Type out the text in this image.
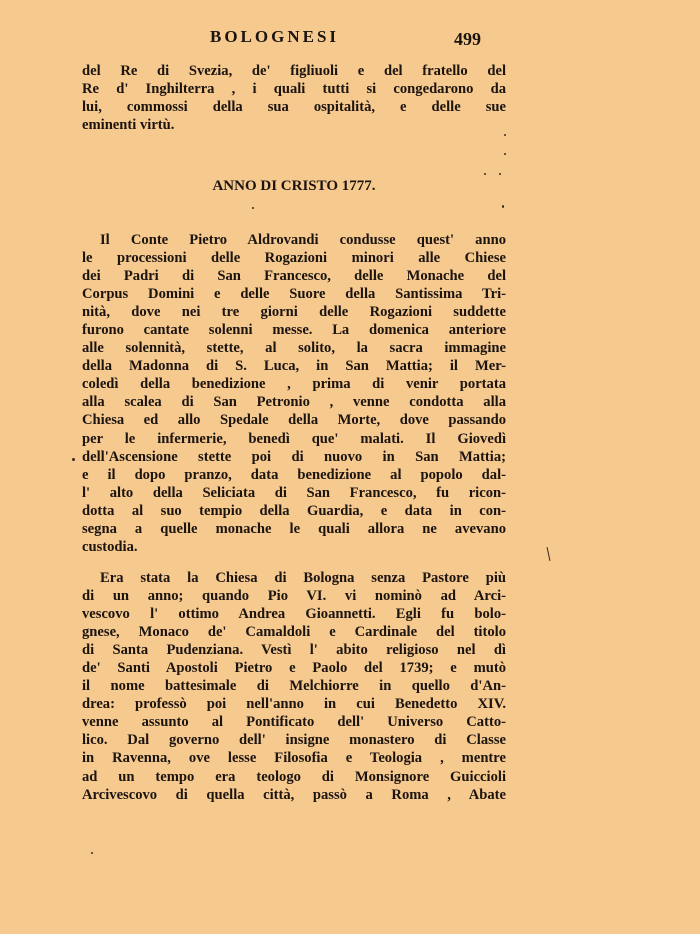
BOLOGNESI	499

del Re di Svezia, de' figliuoli e del fratello del
Re d' Inghilterra , i quali tutti si congedarono da
lui, commossi della sua ospitalità, e delle sue
eminenti virtù.

ANNO DI CRISTO 1777.

Il Conte Pietro Aldrovandi condusse quest' anno
le processioni delle Rogazioni minori alle Chiese
dei Padri di San Francesco, delle Monache del
Corpus Domini e delle Suore della Santissima Tri-
nità, dove nei tre giorni delle Rogazioni suddette
furono cantate solenni messe. La domenica anteriore
alle solennità, stette, al solito, la sacra immagine
della Madonna di S. Luca, in San Mattia; il Mer-
coledì della benedizione , prima di venir portata
alla scalea di San Petronio , venne condotta alla
Chiesa ed allo Spedale della Morte, dove passando
per le infermerie, benedì que' malati. Il Giovedì
dell'Ascensione stette poi di nuovo in San Mattia;
e il dopo pranzo, data benedizione al popolo dal-
l' alto della Seliciata di San Francesco, fu ricon-
dotta al suo tempio della Guardia, e data in con-
segna a quelle monache le quali allora ne avevano
custodia.

Era stata la Chiesa di Bologna senza Pastore più
di un anno; quando Pio VI. vi nominò ad Arci-
vescovo l' ottimo Andrea Gioannetti. Egli fu bolo-
gnese, Monaco de' Camaldoli e Cardinale del titolo
di Santa Pudenziana. Vestì l' abito religioso nel dì
de' Santi Apostoli Pietro e Paolo del 1739; e mutò
il nome battesimale di Melchiorre in quello d'An-
drea: professò poi nell'anno in cui Benedetto XIV.
venne assunto al Pontificato dell' Universo Catto-
lico. Dal governo dell' insigne monastero di Classe
in Ravenna, ove lesse Filosofia e Teologia , mentre
ad un tempo era teologo di Monsignore Guiccioli
Arcivescovo di quella città, passò a Roma , Abate
